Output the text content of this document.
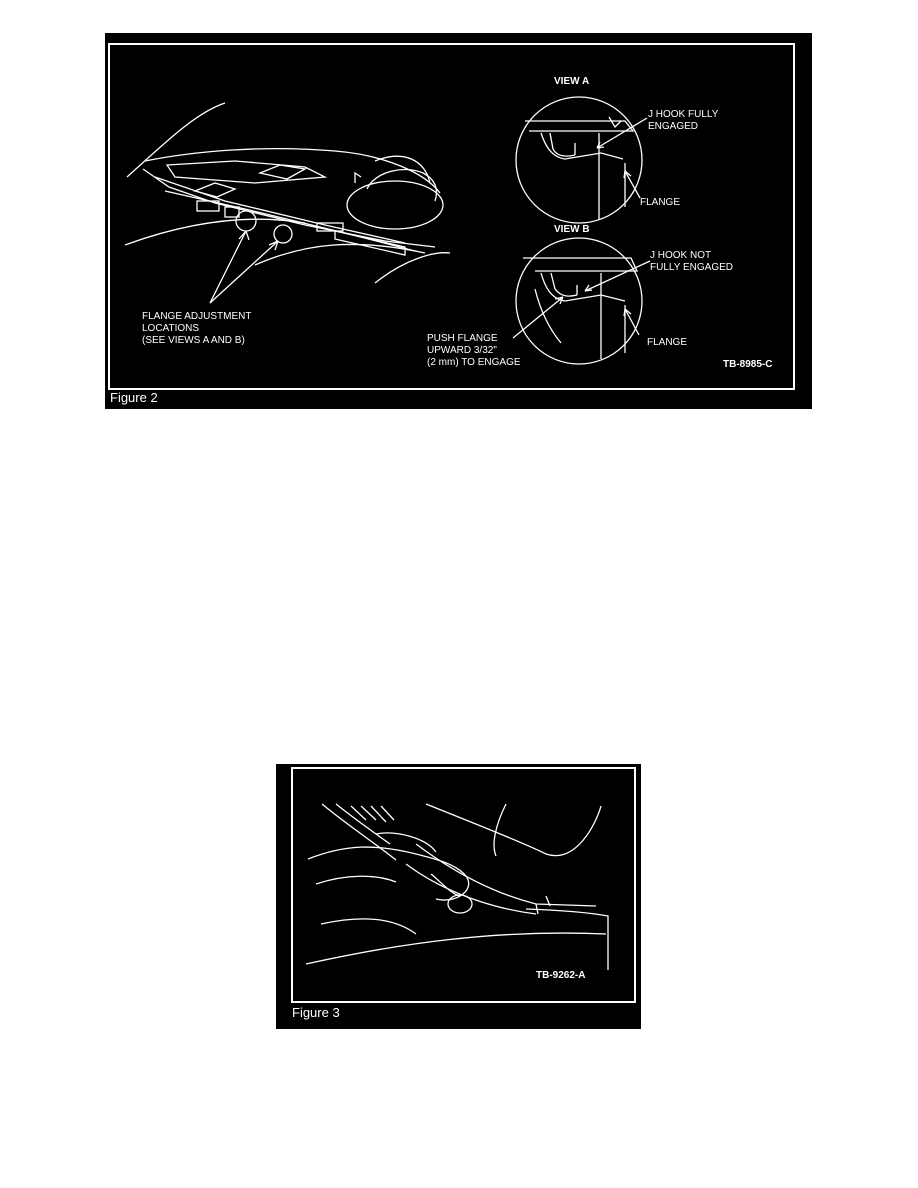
VIEW A
J HOOK FULLY
ENGAGED
FLANGE
VIEW B
J HOOK NOT
FULLY ENGAGED
FLANGE
FLANGE ADJUSTMENT
LOCATIONS
(SEE VIEWS A AND B)	PUSH FLANGE
UPWARD 3/32"
(2 mm) TO ENGAGE	TB-8985-C
Figure 2
TB-9262-A
Figure 3
